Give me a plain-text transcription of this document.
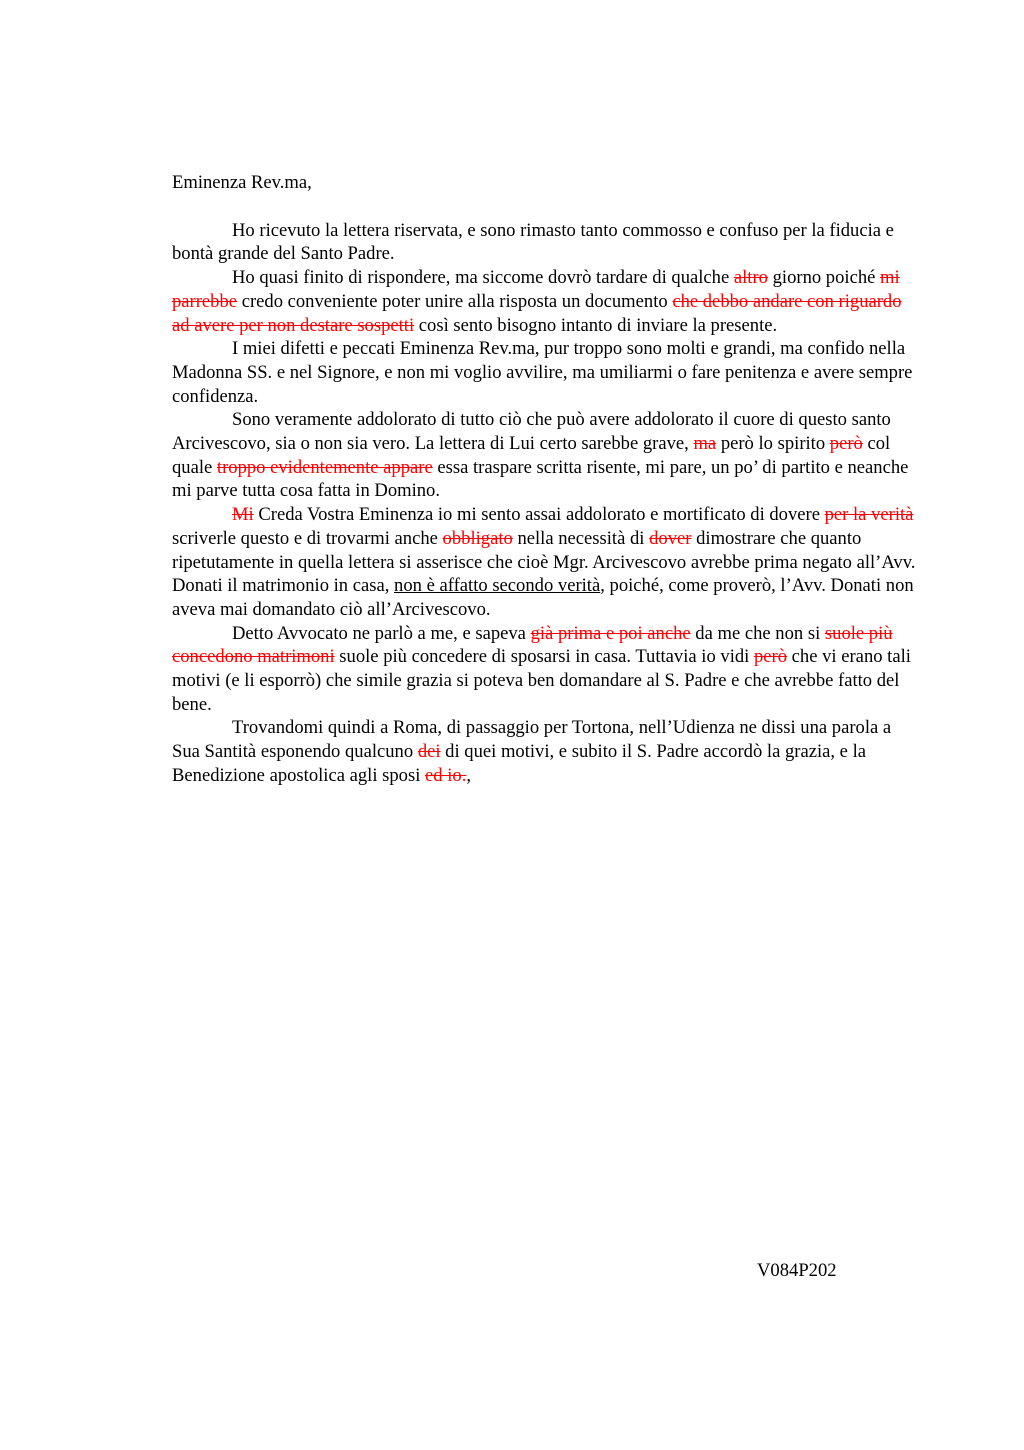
Eminenza Rev.ma,

Ho ricevuto la lettera riservata, e sono rimasto tanto commosso e confuso per la fiducia e bontà grande del Santo Padre.

Ho quasi finito di rispondere, ma siccome dovrò tardare di qualche altro giorno poiché mi parrebbe credo conveniente poter unire alla risposta un documento che debbo andare con riguardo ad avere per non destare sospetti così sento bisogno intanto di inviare la presente.

I miei difetti e peccati Eminenza Rev.ma, pur troppo sono molti e grandi, ma confido nella Madonna SS. e nel Signore, e non mi voglio avvilire, ma umiliarmi o fare penitenza e avere sempre confidenza.

Sono veramente addolorato di tutto ciò che può avere addolorato il cuore di questo santo Arcivescovo, sia o non sia vero. La lettera di Lui certo sarebbe grave, ma però lo spirito però col quale troppo evidentemente appare essa traspare scritta risente, mi pare, un po’ di partito e neanche mi parve tutta cosa fatta in Domino.

Mi Creda Vostra Eminenza io mi sento assai addolorato e mortificato di dovere per la verità scriverle questo e di trovarmi anche obbligato nella necessità di dover dimostrare che quanto ripetutamente in quella lettera si asserisce che cioè Mgr. Arcivescovo avrebbe prima negato all’Avv. Donati il matrimonio in casa, non è affatto secondo verità, poiché, come proverò, l’Avv. Donati non aveva mai domandato ciò all’Arcivescovo.

Detto Avvocato ne parlò a me, e sapeva già prima e poi anche da me che non si suole più concedono matrimoni suole più concedere di sposarsi in casa. Tuttavia io vidi però che vi erano tali motivi (e li esporrò) che simile grazia si poteva ben domandare al S. Padre e che avrebbe fatto del bene.

Trovandomi quindi a Roma, di passaggio per Tortona, nell’Udienza ne dissi una parola a Sua Santità esponendo qualcuno dei di quei motivi, e subito il S. Padre accordò la grazia, e la Benedizione apostolica agli sposi ed io.,

V084P202
